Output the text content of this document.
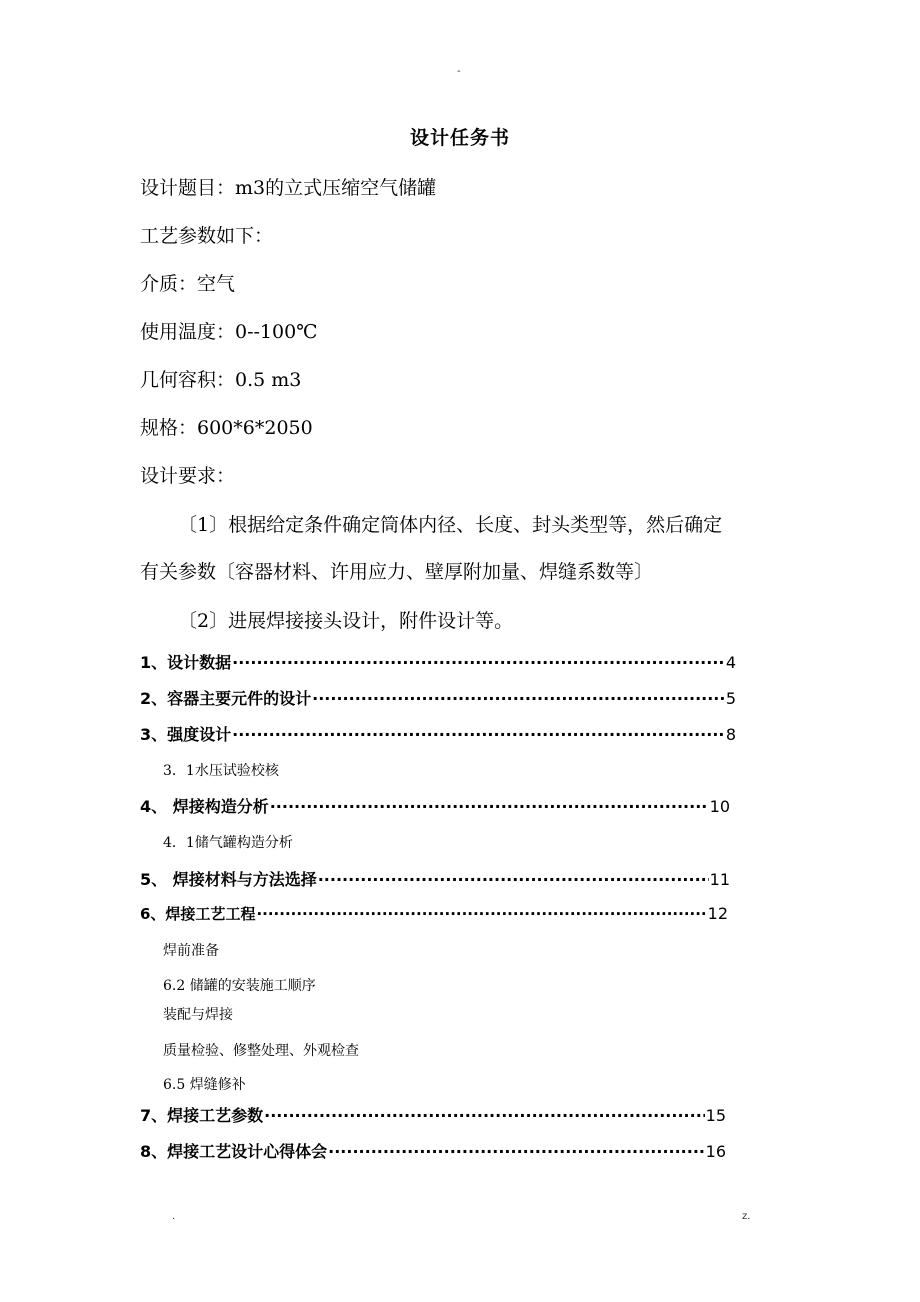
-
设计任务书
设计题目：m3的立式压缩空气储罐
工艺参数如下：
介质：空气
使用温度：0--100℃
几何容积：0.5 m3
规格：600*6*2050
设计要求：
〔1〕根据给定条件确定筒体内径、长度、封头类型等，然后确定
有关参数〔容器材料、许用应力、壁厚附加量、焊缝系数等〕
〔2〕进展焊接接头设计，附件设计等。
1、设计数据 ·····	4
2、容器主要元件的设计 ·····	5
3、强度设计 ·····	8
3．1水压试验校核
4、 焊接构造分析 ·····	10
4．1储气罐构造分析
5、 焊接材料与方法选择 ·····	11
6、焊接工艺工程 ·····	12
焊前准备
6.2 储罐的安装施工顺序
装配与焊接
质量检验、修整处理、外观检查
6.5 焊缝修补
7、焊接工艺参数 ·····	15
8、焊接工艺设计心得体会 ·····	16
.	z.
